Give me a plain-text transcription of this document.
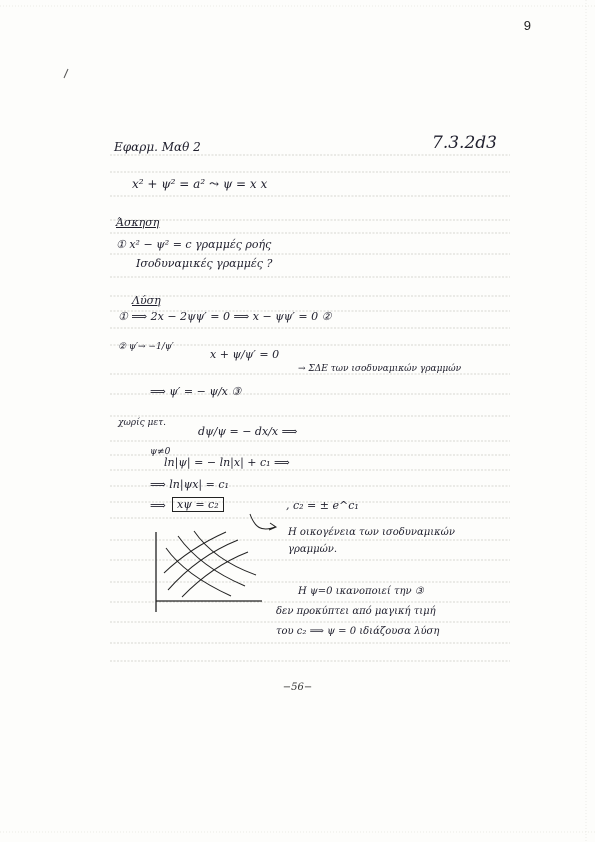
9
Εφαρμ. Μαθ 2	7.3.2d3
x² + ψ² = a² ⤳ ψ = x x
Άσκηση
① x² − ψ² = c γραμμές ροής
Ισοδυναμικές γραμμές ?
Λύση
① ⟹ 2x − 2ψψ′ = 0 ⟹ x − ψψ′ = 0 ②
② ψ′→ −1/ψ′
x + ψ/ψ′ = 0
→ ΣΔΕ των ισοδυναμικών γραμμών
⟹ ψ′ = − ψ/x ③
χωρίς μετ.
dψ/ψ = − dx/x ⟹
ψ≠0
ln|ψ| = − ln|x| + c₁ ⟹
⟹ ln|ψx| = c₁
⟹	xψ = c₂	, c₂ = ± e^c₁
Η οικογένεια των ισοδυναμικών
γραμμών.
Η ψ=0 ικανοποιεί την ③
δεν προκύπτει από μαγική τιμή
του c₂ ⟹ ψ = 0 ιδιάζουσα λύση
−56−
